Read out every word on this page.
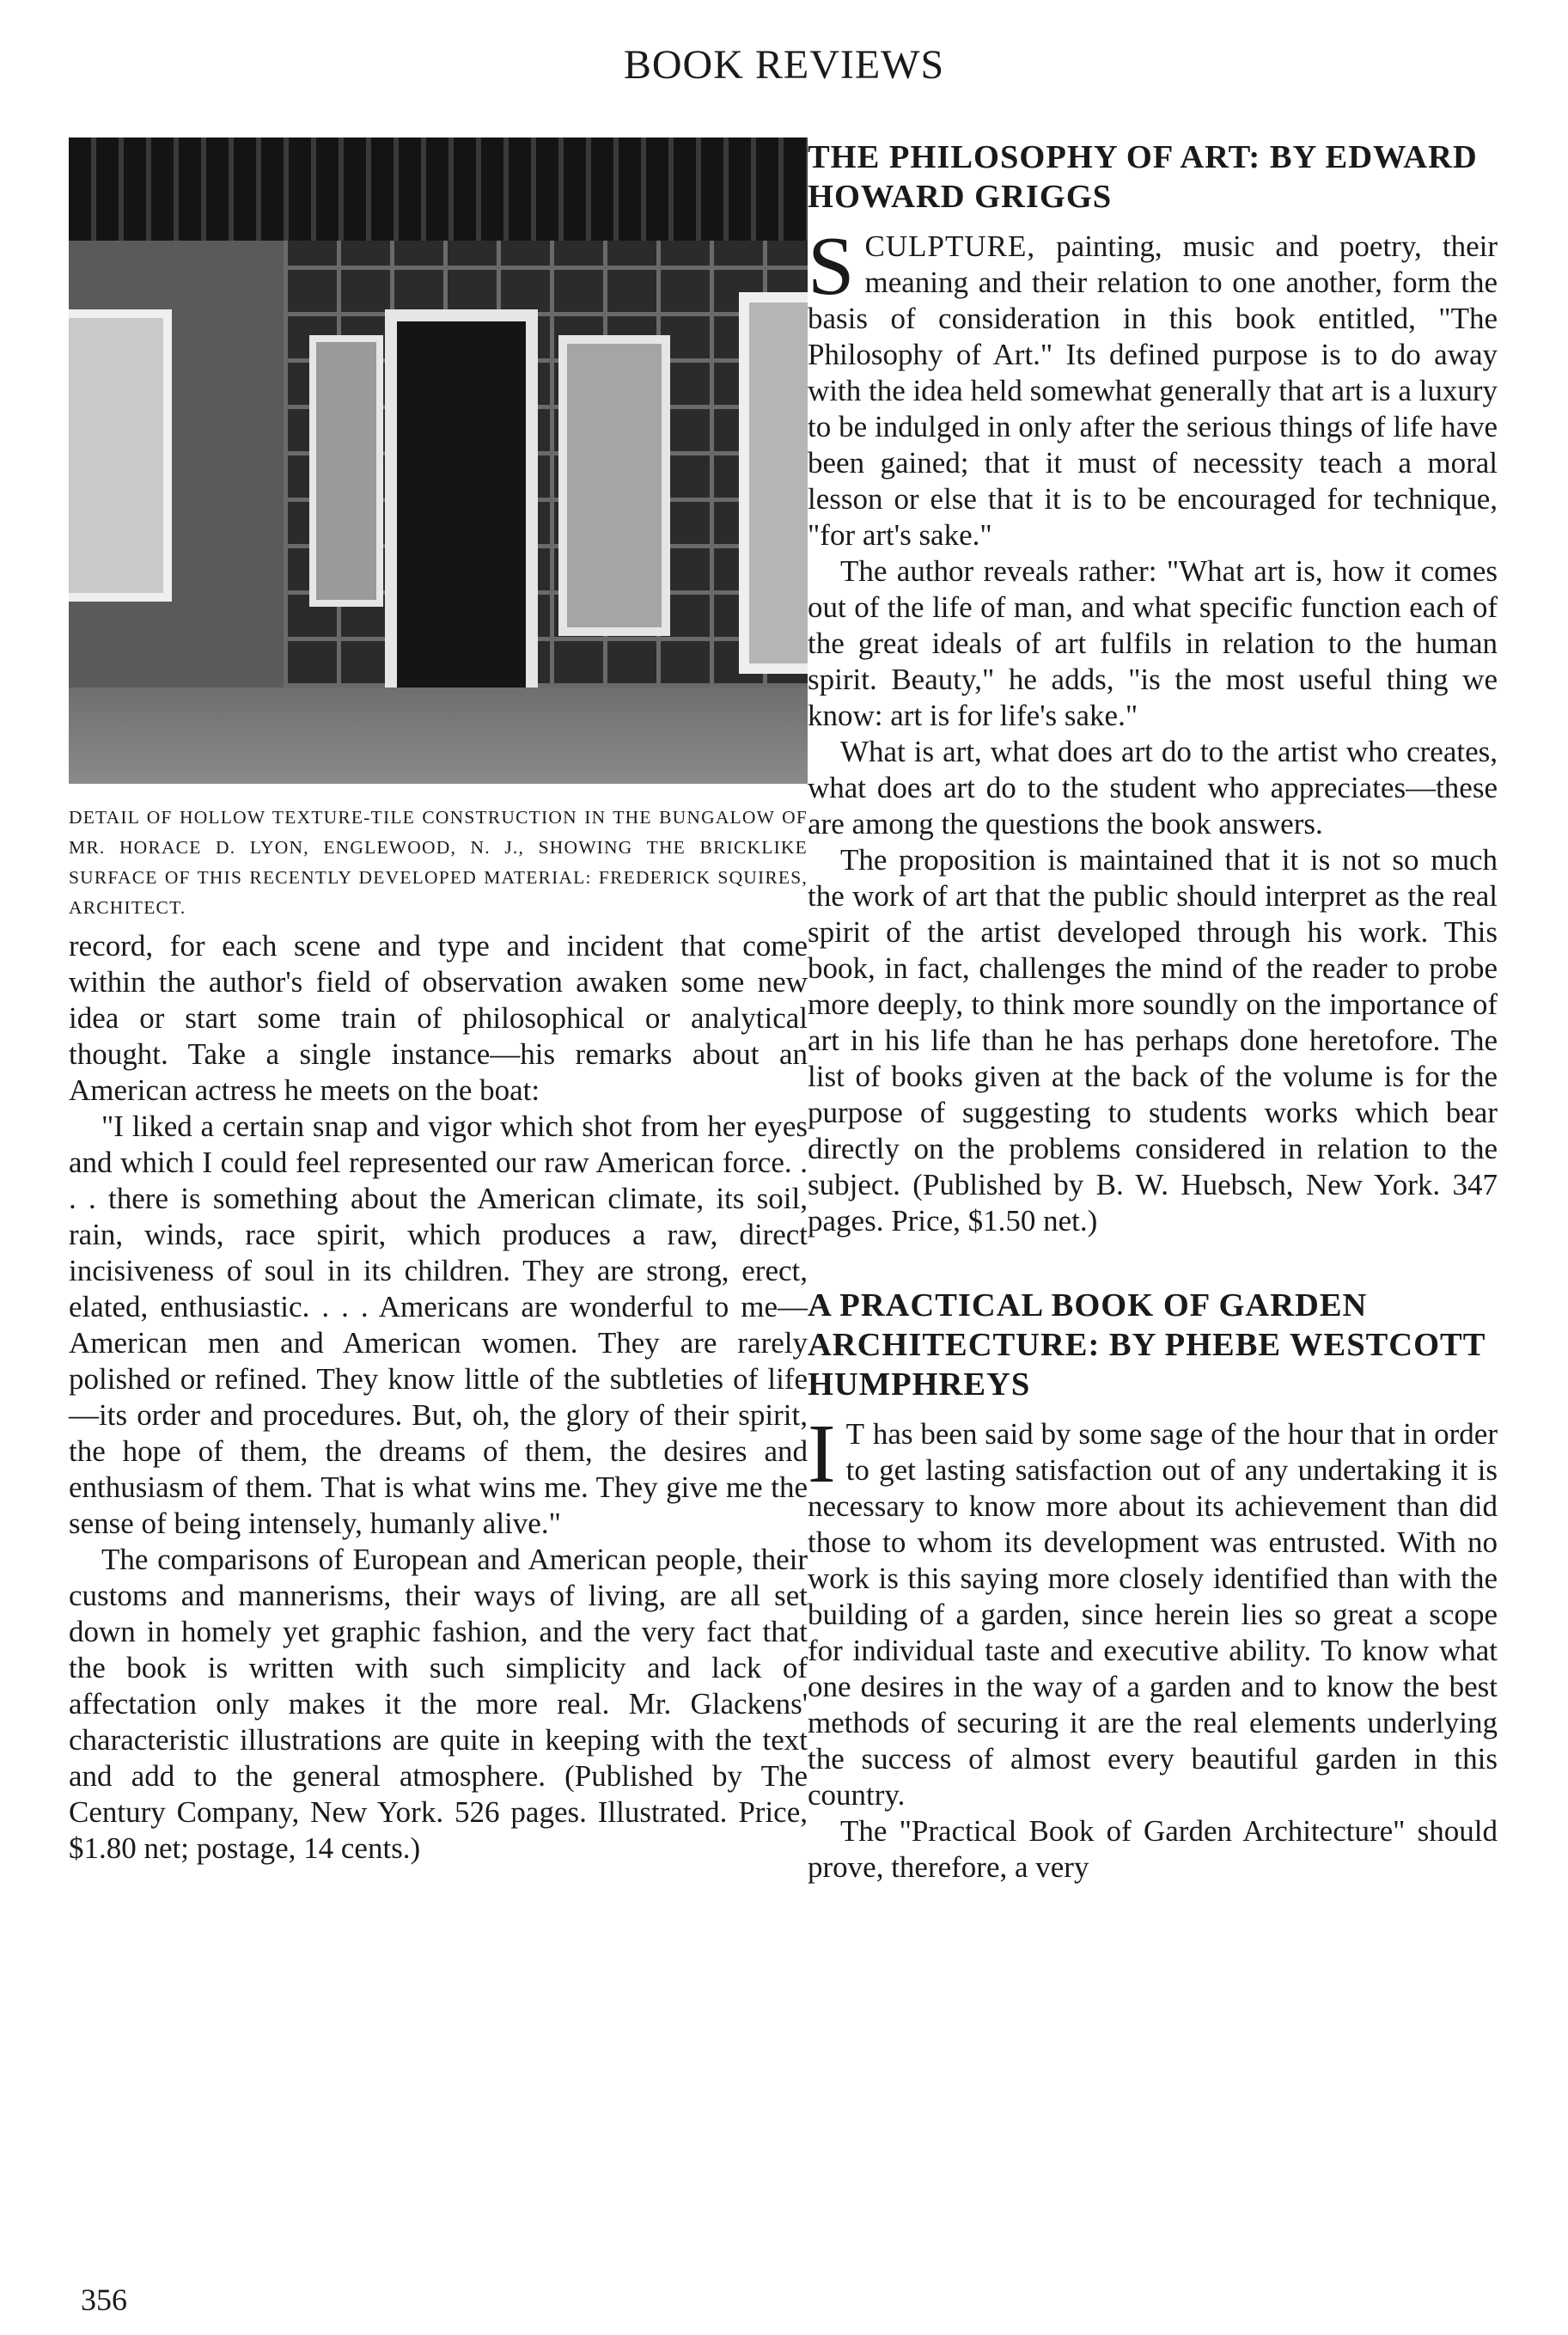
BOOK REVIEWS
DETAIL OF HOLLOW TEXTURE-TILE CONSTRUCTION IN THE BUNGALOW OF MR. HORACE D. LYON, ENGLEWOOD, N. J., SHOWING THE BRICKLIKE SURFACE OF THIS RECENTLY DEVELOPED MATERIAL: FREDERICK SQUIRES, ARCHITECT.

record, for each scene and type and incident that come within the author's field of observation awaken some new idea or start some train of philosophical or analytical thought. Take a single instance—his remarks about an American actress he meets on the boat:

"I liked a certain snap and vigor which shot from her eyes and which I could feel represented our raw American force. . . . there is something about the American climate, its soil, rain, winds, race spirit, which produces a raw, direct incisiveness of soul in its children. They are strong, erect, elated, enthusiastic. . . . Americans are wonderful to me—American men and American women. They are rarely polished or refined. They know little of the subtleties of life—its order and procedures. But, oh, the glory of their spirit, the hope of them, the dreams of them, the desires and enthusiasm of them. That is what wins me. They give me the sense of being intensely, humanly alive."

The comparisons of European and American people, their customs and mannerisms, their ways of living, are all set down in homely yet graphic fashion, and the very fact that the book is written with such simplicity and lack of affectation only makes it the more real. Mr. Glackens' characteristic illustrations are quite in keeping with the text and add to the general atmosphere. (Published by The Century Company, New York. 526 pages. Illustrated. Price, $1.80 net; postage, 14 cents.)

THE PHILOSOPHY OF ART: BY EDWARD HOWARD GRIGGS

SCULPTURE, painting, music and poetry, their meaning and their relation to one another, form the basis of consideration in this book entitled, "The Philosophy of Art." Its defined purpose is to do away with the idea held somewhat generally that art is a luxury to be indulged in only after the serious things of life have been gained; that it must of necessity teach a moral lesson or else that it is to be encouraged for technique, "for art's sake."

The author reveals rather: "What art is, how it comes out of the life of man, and what specific function each of the great ideals of art fulfils in relation to the human spirit. Beauty," he adds, "is the most useful thing we know: art is for life's sake."

What is art, what does art do to the artist who creates, what does art do to the student who appreciates—these are among the questions the book answers.

The proposition is maintained that it is not so much the work of art that the public should interpret as the real spirit of the artist developed through his work. This book, in fact, challenges the mind of the reader to probe more deeply, to think more soundly on the importance of art in his life than he has perhaps done heretofore. The list of books given at the back of the volume is for the purpose of suggesting to students works which bear directly on the problems considered in relation to the subject. (Published by B. W. Huebsch, New York. 347 pages. Price, $1.50 net.)

A PRACTICAL BOOK OF GARDEN ARCHITECTURE: BY PHEBE WESTCOTT HUMPHREYS

I T has been said by some sage of the hour that in order to get lasting satisfaction out of any undertaking it is necessary to know more about its achievement than did those to whom its development was entrusted. With no work is this saying more closely identified than with the building of a garden, since herein lies so great a scope for individual taste and executive ability. To know what one desires in the way of a garden and to know the best methods of securing it are the real elements underlying the success of almost every beautiful garden in this country.

The "Practical Book of Garden Architecture" should prove, therefore, a very

356
